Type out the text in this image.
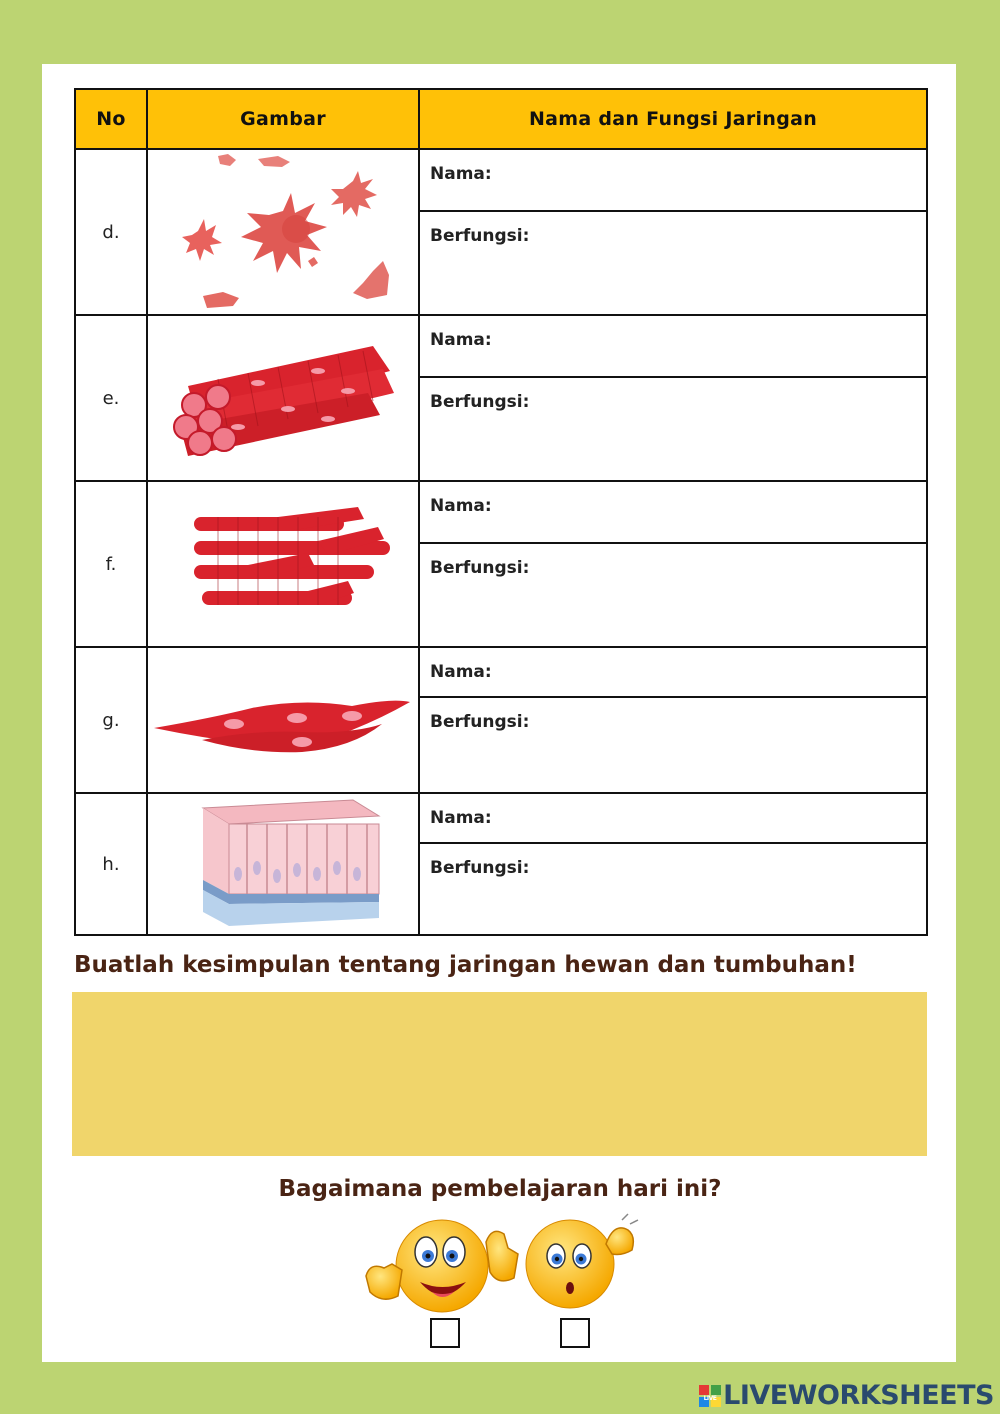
No	Gambar	Nama dan Fungsi Jaringan
d.		Nama:
		Berfungsi:
e.		Nama:
		Berfungsi:
f.		Nama:
		Berfungsi:
g.		Nama:
		Berfungsi:
h.		Nama:
		Berfungsi:
Buatlah kesimpulan tentang jaringan hewan dan tumbuhan!
Bagaimana pembelajaran hari ini?
LIVE LIVEWORKSHEETS
